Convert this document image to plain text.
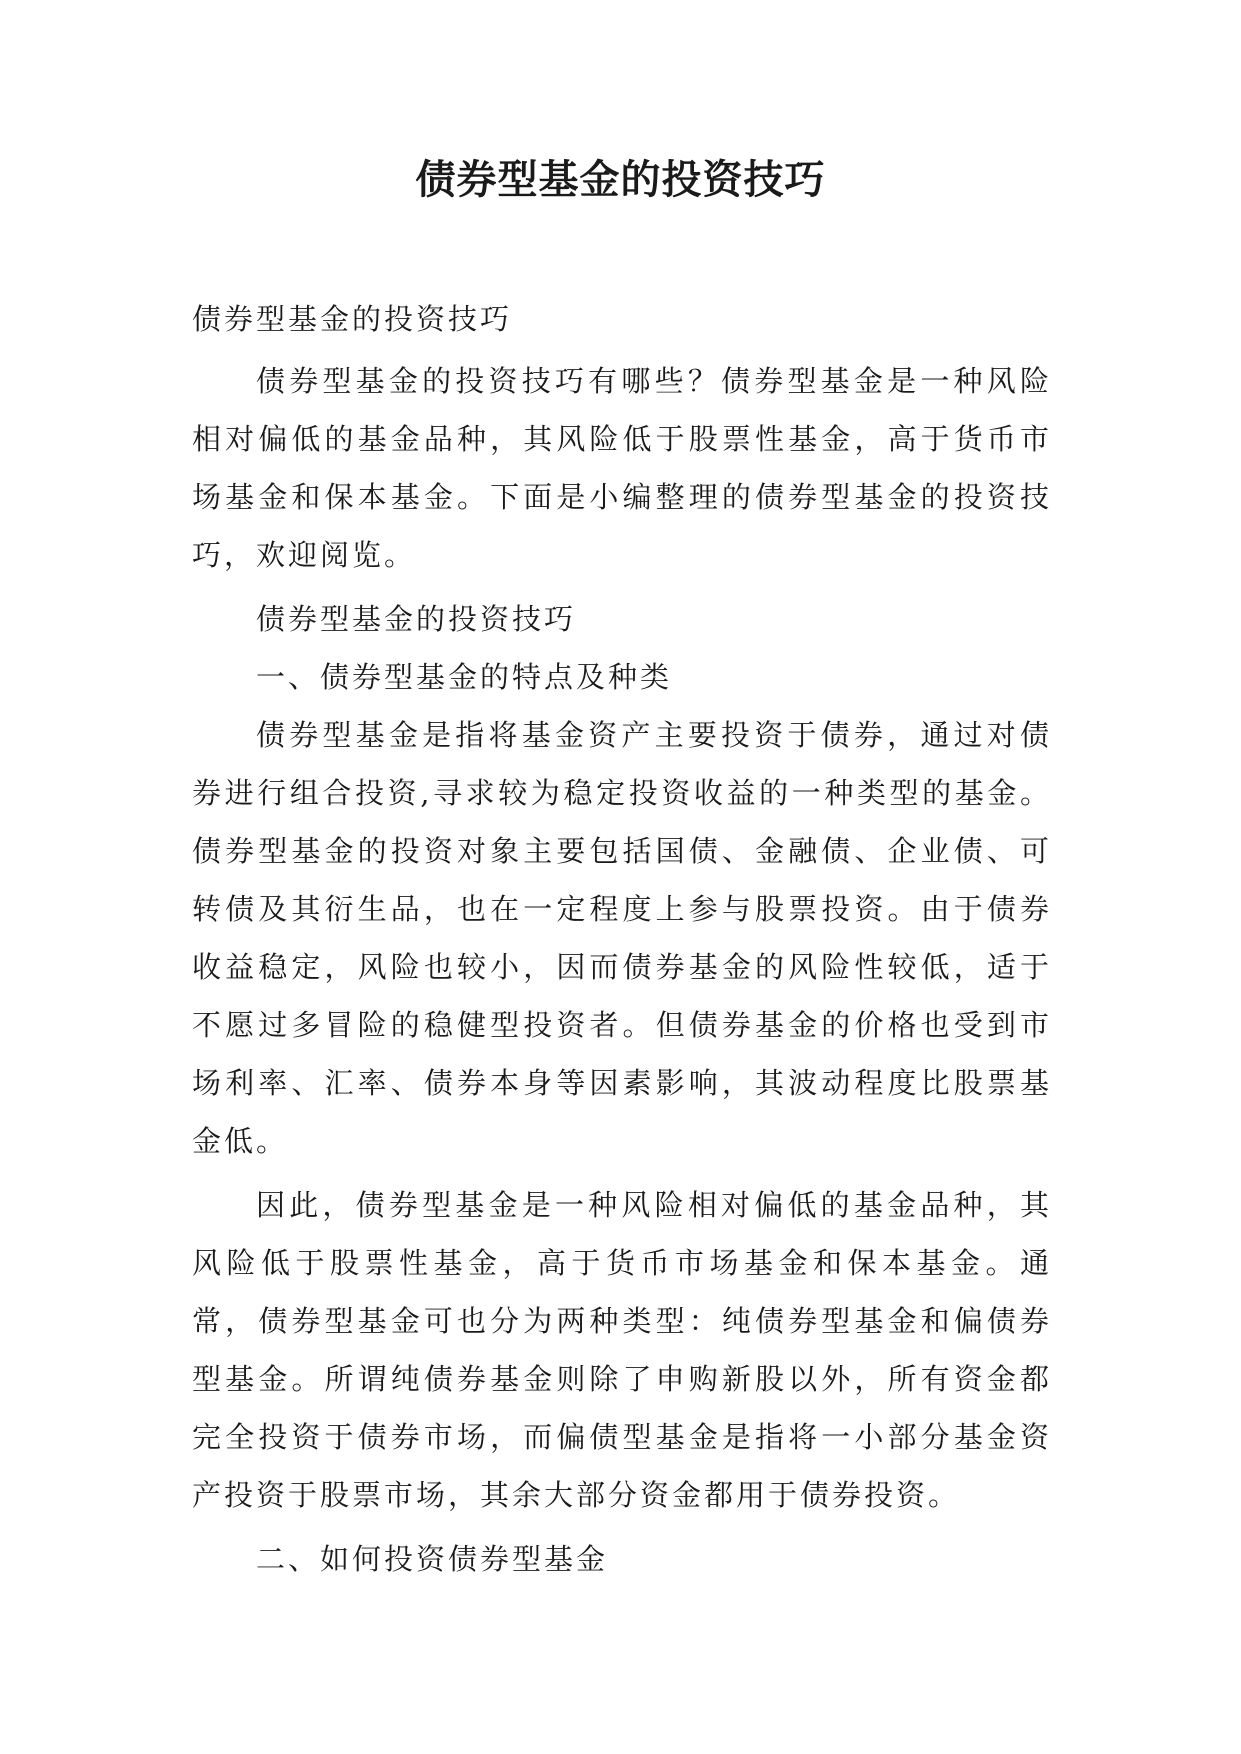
债券型基金的投资技巧

债券型基金的投资技巧

债券型基金的投资技巧有哪些？债券型基金是一种风险相对偏低的基金品种，其风险低于股票性基金，高于货币市场基金和保本基金。下面是小编整理的债券型基金的投资技巧，欢迎阅览。

债券型基金的投资技巧

一、债券型基金的特点及种类

债券型基金是指将基金资产主要投资于债券，通过对债券进行组合投资,寻求较为稳定投资收益的一种类型的基金。债券型基金的投资对象主要包括国债、金融债、企业债、可转债及其衍生品，也在一定程度上参与股票投资。由于债券收益稳定，风险也较小，因而债券基金的风险性较低，适于不愿过多冒险的稳健型投资者。但债券基金的价格也受到市场利率、汇率、债券本身等因素影响，其波动程度比股票基金低。

因此，债券型基金是一种风险相对偏低的基金品种，其风险低于股票性基金，高于货币市场基金和保本基金。通常，债券型基金可也分为两种类型：纯债券型基金和偏债券型基金。所谓纯债券基金则除了申购新股以外，所有资金都完全投资于债券市场，而偏债型基金是指将一小部分基金资产投资于股票市场，其余大部分资金都用于债券投资。

二、如何投资债券型基金
